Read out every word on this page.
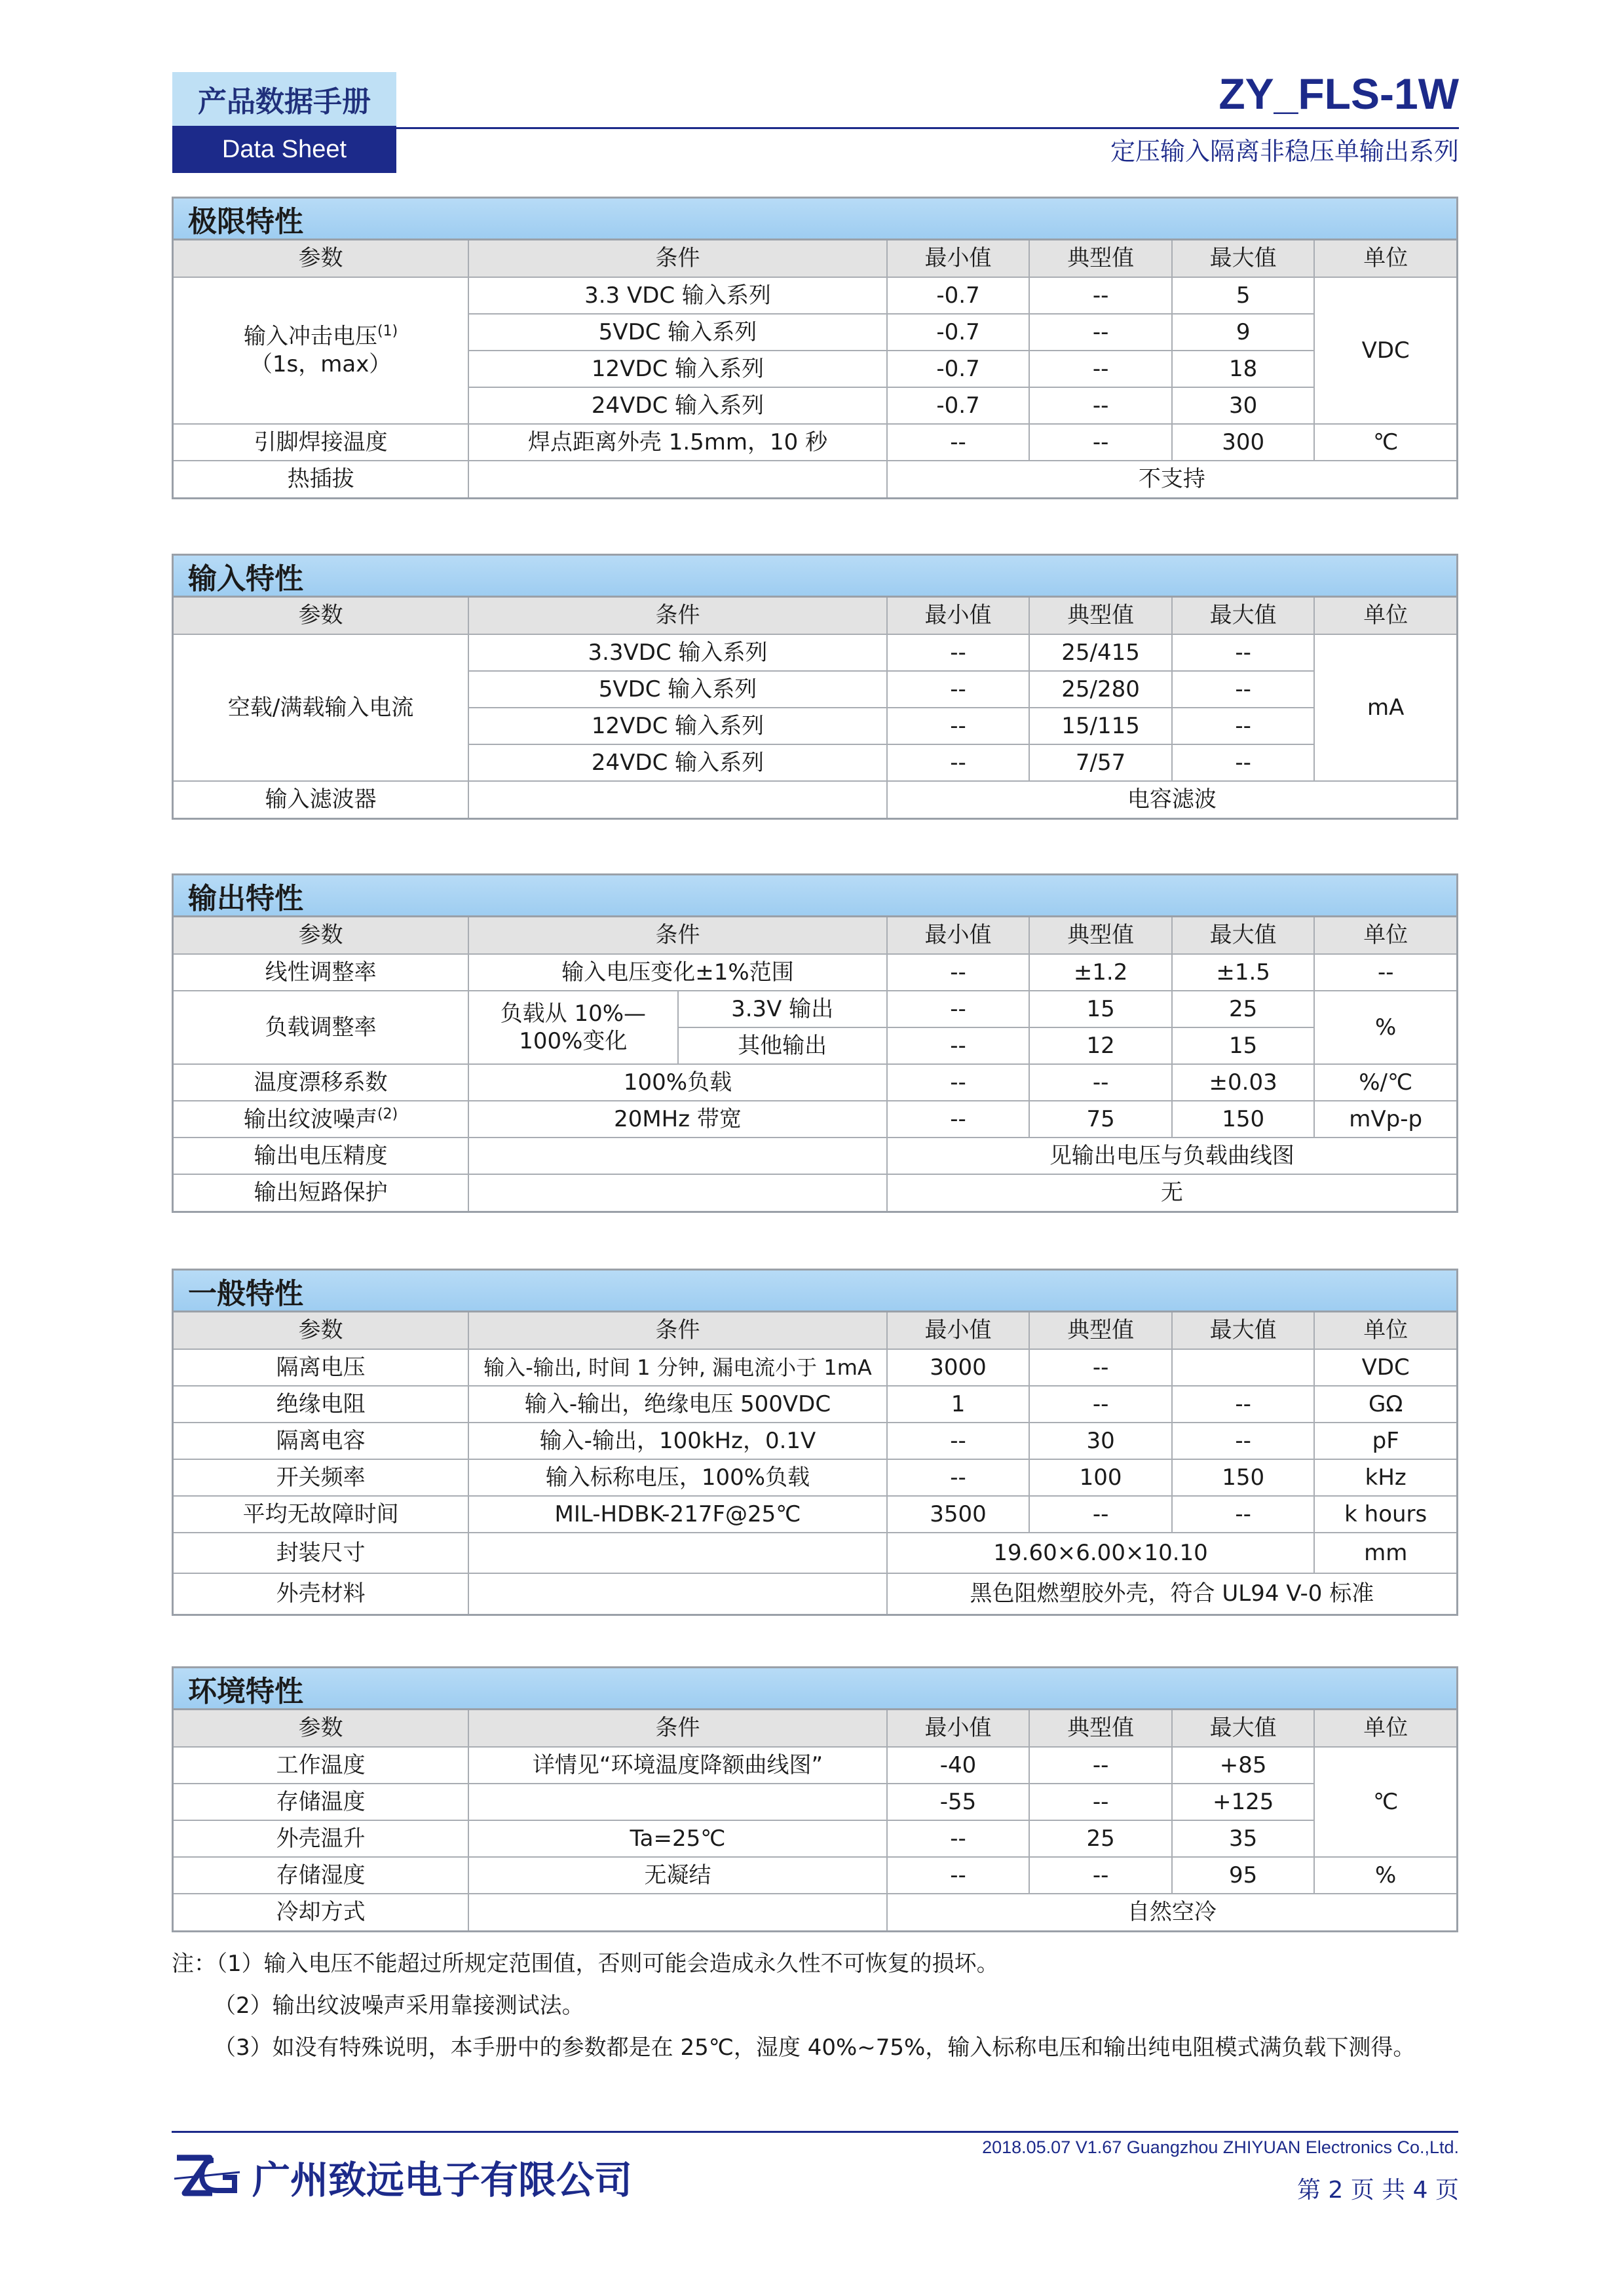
产品数据手册
Data Sheet
ZY_FLS-1W
定压输入隔离非稳压单输出系列
极限特性
参数	条件	最小值	典型值	最大值	单位
输入冲击电压$^{(1)}$（1s，max）	3.3 VDC 输入系列	-0.7	--	5	VDC
	5VDC 输入系列	-0.7	--	9	
	12VDC 输入系列	-0.7	--	18	
	24VDC 输入系列	-0.7	--	30	
引脚焊接温度	焊点距离外壳 1.5mm，10 秒	--	--	300	℃
热插拔		不支持			
输入特性
参数	条件	最小值	典型值	最大值	单位
空载/满载输入电流	3.3VDC 输入系列	--	25/415	--	mA
	5VDC 输入系列	--	25/280	--	
	12VDC 输入系列	--	15/115	--	
	24VDC 输入系列	--	7/57	--	
输入滤波器		电容滤波			
输出特性
参数	条件		最小值	典型值	最大值	单位
线性调整率	输入电压变化±1%范围		--	±1.2	±1.5	--
负载调整率	负载从 10%—100%变化	3.3V 输出	--	15	25	%
		其他输出	--	12	15	
温度漂移系数	100%负载		--	--	±0.03	%/℃
输出纹波噪声$^{(2)}$	20MHz 带宽		--	75	150	mVp-p
输出电压精度			见输出电压与负载曲线图			
输出短路保护			无			
一般特性
参数	条件	最小值	典型值	最大值	单位
隔离电压	输入-输出, 时间 1 分钟, 漏电流小于 1mA	3000	--		VDC
绝缘电阻	输入-输出，绝缘电压 500VDC	1	--	--	GΩ
隔离电容	输入-输出，100kHz，0.1V	--	30	--	pF
开关频率	输入标称电压，100%负载	--	100	150	kHz
平均无故障时间	MIL-HDBK-217F@25℃	3500	--	--	k hours
封装尺寸		19.60×6.00×10.10			mm
外壳材料		黑色阻燃塑胶外壳，符合 UL94 V-0 标准			
环境特性
参数	条件	最小值	典型值	最大值	单位
工作温度	详情见“环境温度降额曲线图”	-40	--	+85	℃
存储温度		-55	--	+125	
外壳温升	Ta=25℃	--	25	35	
存储湿度	无凝结	--	--	95	%
冷却方式		自然空冷			
注：（1）输入电压不能超过所规定范围值，否则可能会造成永久性不可恢复的损坏。
（2）输出纹波噪声采用靠接测试法。
（3）如没有特殊说明，本手册中的参数都是在 25℃，湿度 40%~75%，输入标称电压和输出纯电阻模式满负载下测得。
广州致远电子有限公司
2018.05.07 V1.67 Guangzhou ZHIYUAN Electronics Co.,Ltd.
第 2 页 共 4 页
